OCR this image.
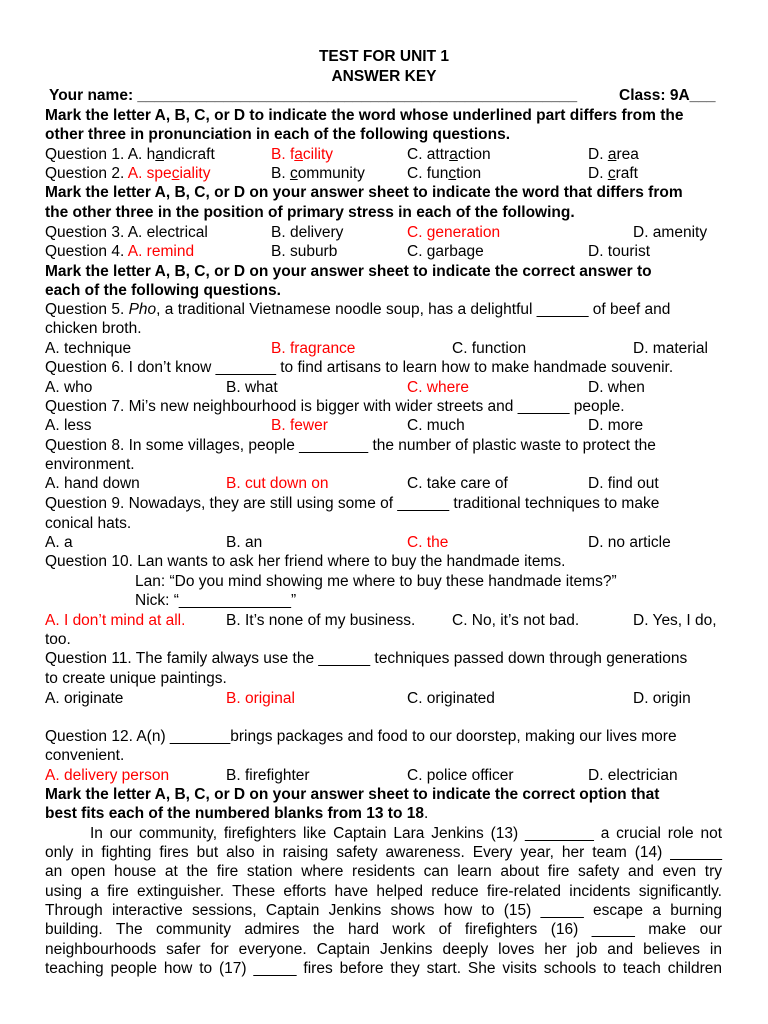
TEST FOR UNIT 1
ANSWER KEY
Your name: ___________________________________________________	Class: 9A___
Mark the letter A, B, C, or D to indicate the word whose underlined part differs from the
other three in pronunciation in each of the following questions.
Question 1. A. handicraft	B. facility	C. attraction	D. area
Question 2. A. speciality	B. community	C. function	D. craft
Mark the letter A, B, C, or D on your answer sheet to indicate the word that differs from
the other three in the position of primary stress in each of the following.
Question 3. A. electrical	B. delivery	C. generation	D. amenity
Question 4. A. remind	B. suburb	C. garbage	D. tourist
Mark the letter A, B, C, or D on your answer sheet to indicate the correct answer to
each of the following questions.
Question 5. Pho, a traditional Vietnamese noodle soup, has a delightful ______ of beef and
chicken broth.
A. technique	B. fragrance	C. function	D. material
Question 6. I don’t know _______ to find artisans to learn how to make handmade souvenir.
A. who	B. what	C. where	D. when
Question 7. Mi’s new neighbourhood is bigger with wider streets and ______ people.
A. less	B. fewer	C. much	D. more
Question 8. In some villages, people ________ the number of plastic waste to protect the
environment.
A. hand down	B. cut down on	C. take care of	D. find out
Question 9. Nowadays, they are still using some of ______ traditional techniques to make
conical hats.
A. a	B. an	C. the	D. no article
Question 10. Lan wants to ask her friend where to buy the handmade items.
Lan: “Do you mind showing me where to buy these handmade items?”
Nick: “_____________”
A. I don’t mind at all.	B. It’s none of my business. C. No, it’s not bad.	D. Yes, I do,
too.
Question 11. The family always use the ______ techniques passed down through generations
to create unique paintings.
A. originate	B. original	C. originated	D. origin
Question 12. A(n) _______brings packages and food to our doorstep, making our lives more
convenient.
A. delivery person	B. firefighter	C. police officer	D. electrician
Mark the letter A, B, C, or D on your answer sheet to indicate the correct option that
best fits each of the numbered blanks from 13 to 18.
In our community, firefighters like Captain Lara Jenkins (13) ________ a crucial role not
only in fighting fires but also in raising safety awareness. Every year, her team (14) ______
an open house at the fire station where residents can learn about fire safety and even try
using a fire extinguisher. These efforts have helped reduce fire-related incidents significantly.
Through interactive sessions, Captain Jenkins shows how to (15) _____ escape a burning
building. The community admires the hard work of firefighters (16) _____ make our
neighbourhoods safer for everyone. Captain Jenkins deeply loves her job and believes in
teaching people how to (17) _____ fires before they start. She visits schools to teach children
